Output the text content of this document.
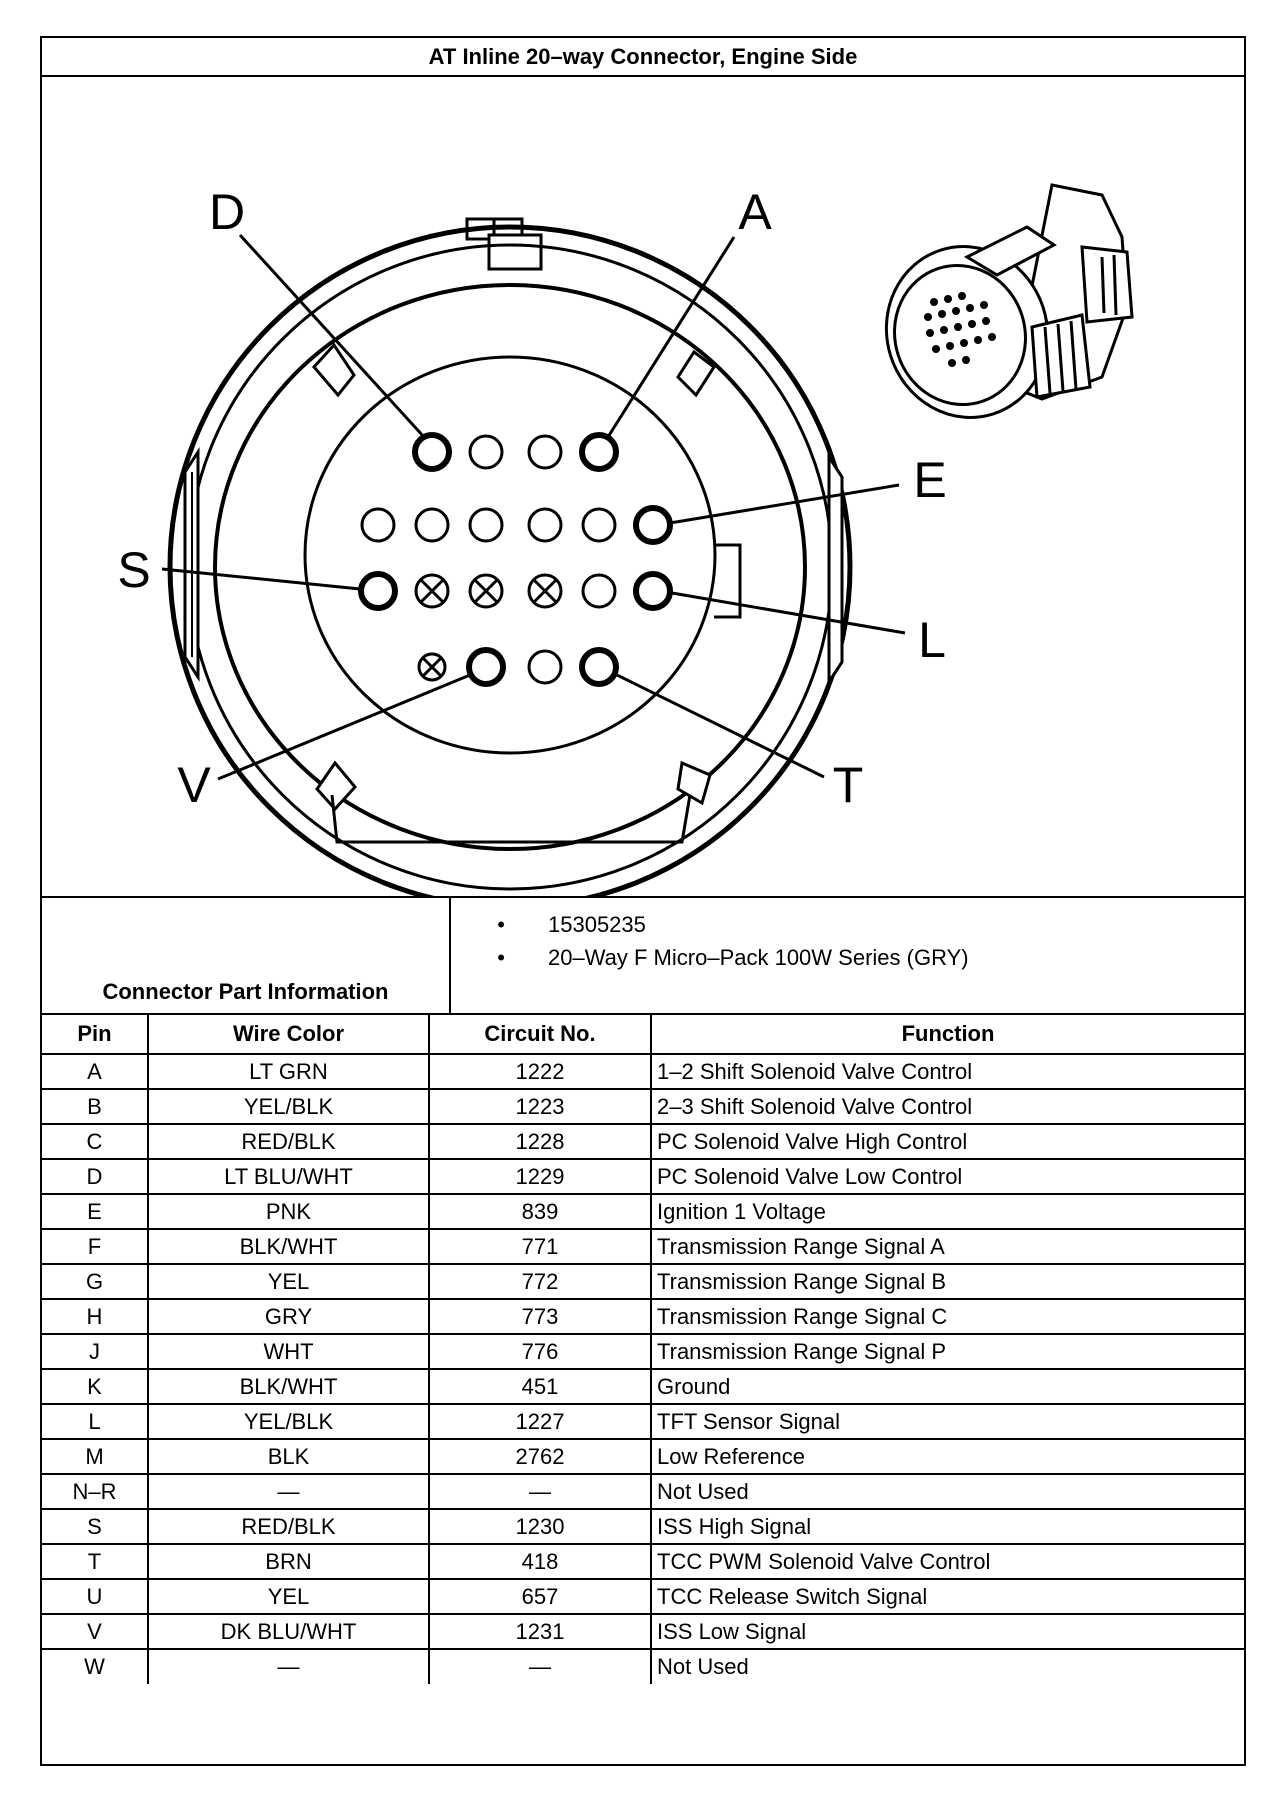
AT Inline 20–way Connector, Engine Side
D	A
E
S
L
V	T
Connector Part Information
• 15305235
• 20–Way F Micro–Pack 100W Series (GRY)
Pin	Wire Color	Circuit No.	Function
A	LT GRN	1222	1–2 Shift Solenoid Valve Control
B	YEL/BLK	1223	2–3 Shift Solenoid Valve Control
C	RED/BLK	1228	PC Solenoid Valve High Control
D	LT BLU/WHT	1229	PC Solenoid Valve Low Control
E	PNK	839	Ignition 1 Voltage
F	BLK/WHT	771	Transmission Range Signal A
G	YEL	772	Transmission Range Signal B
H	GRY	773	Transmission Range Signal C
J	WHT	776	Transmission Range Signal P
K	BLK/WHT	451	Ground
L	YEL/BLK	1227	TFT Sensor Signal
M	BLK	2762	Low Reference
N–R	—	—	Not Used
S	RED/BLK	1230	ISS High Signal
T	BRN	418	TCC PWM Solenoid Valve Control
U	YEL	657	TCC Release Switch Signal
V	DK BLU/WHT	1231	ISS Low Signal
W	—	—	Not Used
